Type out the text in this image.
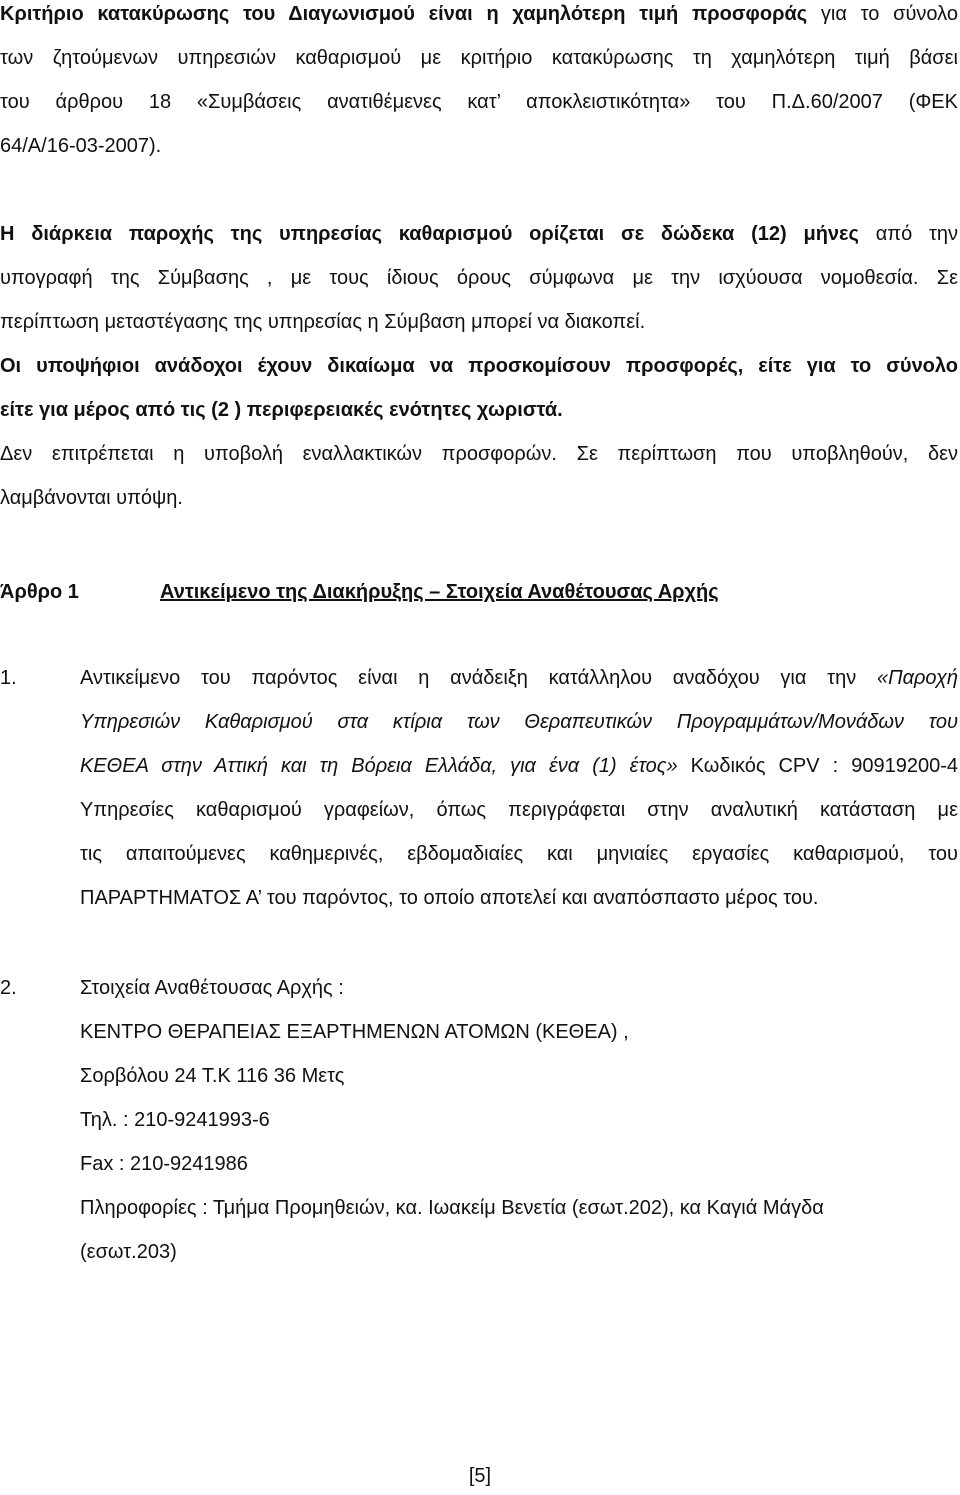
Κριτήριο κατακύρωσης του Διαγωνισμού είναι η χαμηλότερη τιμή προσφοράς για το σύνολο
των ζητούμενων υπηρεσιών καθαρισμού με κριτήριο κατακύρωσης τη χαμηλότερη τιμή βάσει
του άρθρου 18 «Συμβάσεις ανατιθέμενες κατ’ αποκλειστικότητα» του Π.Δ.60/2007 (ΦΕΚ
64/Α/16-03-2007).
Η διάρκεια παροχής της υπηρεσίας καθαρισμού ορίζεται σε δώδεκα (12) μήνες από την
υπογραφή της Σύμβασης , με τους ίδιους όρους σύμφωνα με την ισχύουσα νομοθεσία. Σε
περίπτωση μεταστέγασης της υπηρεσίας η Σύμβαση μπορεί να διακοπεί.
Οι υποψήφιοι ανάδοχοι έχουν δικαίωμα να προσκομίσουν προσφορές, είτε για το σύνολο
είτε για μέρος από τις (2 ) περιφερειακές ενότητες χωριστά.
Δεν επιτρέπεται η υποβολή εναλλακτικών προσφορών. Σε περίπτωση που υποβληθούν, δεν
λαμβάνονται υπόψη.
Άρθρο 1	Αντικείμενο της Διακήρυξης – Στοιχεία Αναθέτουσας Αρχής
1.	Αντικείμενο του παρόντος είναι η ανάδειξη κατάλληλου αναδόχου για την «Παροχή
Υπηρεσιών Καθαρισμού στα κτίρια των Θεραπευτικών Προγραμμάτων/Μονάδων του
ΚΕΘΕΑ στην Αττική και τη Βόρεια Ελλάδα, για ένα (1) έτος» Κωδικός CPV : 90919200-4
Υπηρεσίες καθαρισμού γραφείων, όπως περιγράφεται στην αναλυτική κατάσταση με
τις απαιτούμενες καθημερινές, εβδομαδιαίες και μηνιαίες εργασίες καθαρισμού, του
ΠΑΡΑΡΤΗΜΑΤΟΣ Α’ του παρόντος, το οποίο αποτελεί και αναπόσπαστο μέρος του.
2.	Στοιχεία Αναθέτουσας Αρχής :
ΚΕΝΤΡΟ ΘΕΡΑΠΕΙΑΣ ΕΞΑΡΤΗΜΕΝΩΝ ΑΤΟΜΩΝ (ΚΕΘΕΑ) ,
Σορβόλου 24 Τ.Κ 116 36 Μετς
Τηλ. : 210-9241993-6
Fax : 210-9241986
Πληροφορίες : Τμήμα Προμηθειών, κα. Ιωακείμ Βενετία (εσωτ.202), κα Καγιά Μάγδα
(εσωτ.203)
[5]
